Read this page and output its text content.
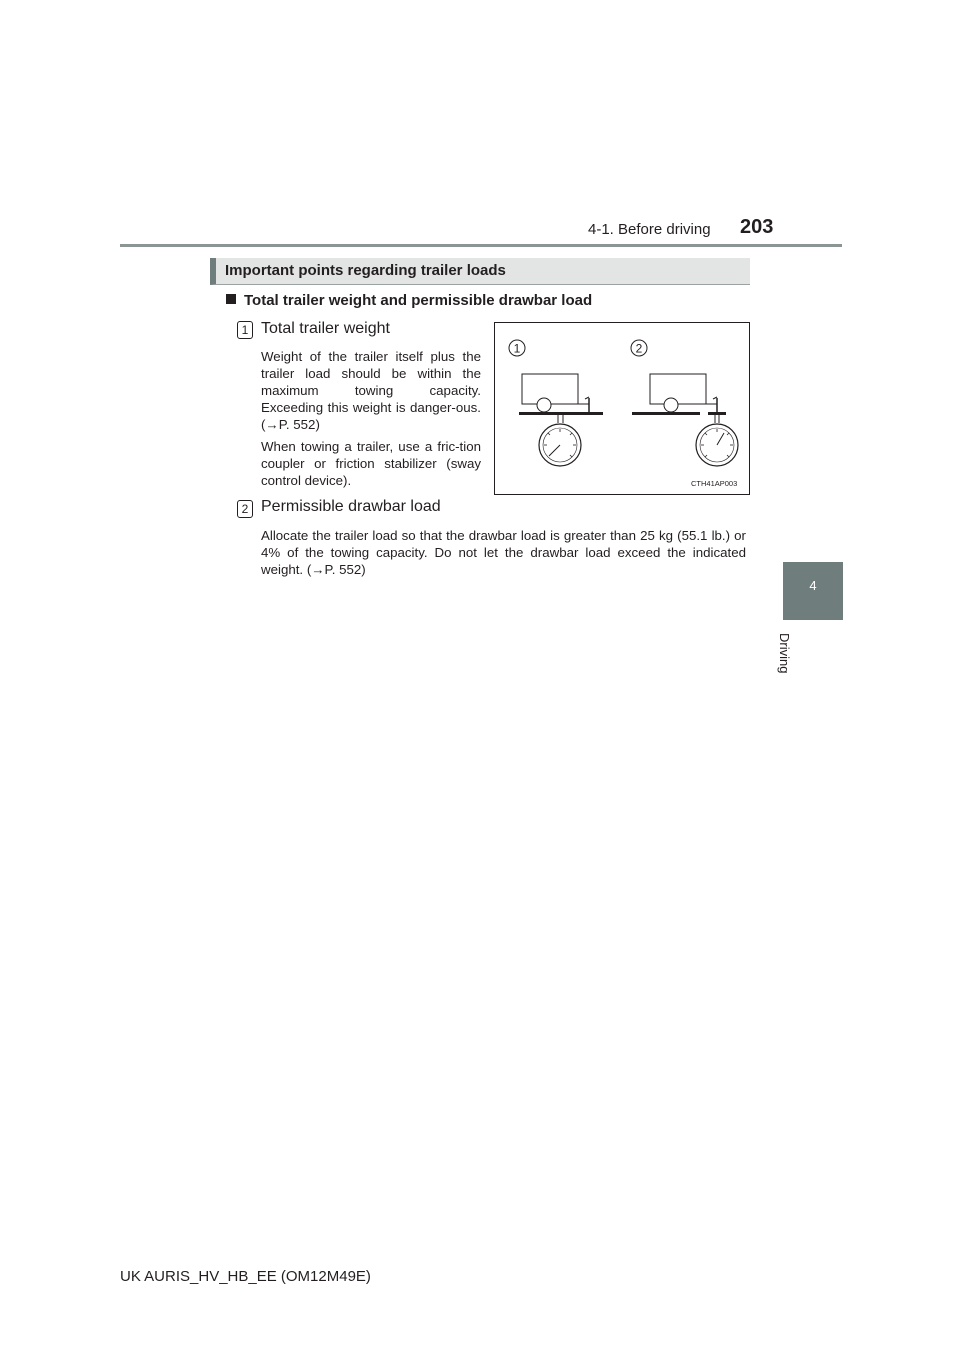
4-1. Before driving 203
4
Driving
Important points regarding trailer loads
Total trailer weight and permissible drawbar load
1 Total trailer weight

Weight of the trailer itself plus the trailer load should be within the maximum towing capacity. Exceeding this weight is danger-ous. (→P. 552)

When towing a trailer, use a fric-tion coupler or friction stabilizer (sway control device).

1	2
CTH41AP003
2 Permissible drawbar load

Allocate the trailer load so that the drawbar load is greater than 25 kg (55.1 lb.) or 4% of the towing capacity. Do not let the drawbar load exceed the indicated weight. (→P. 552)

UK AURIS_HV_HB_EE (OM12M49E)
